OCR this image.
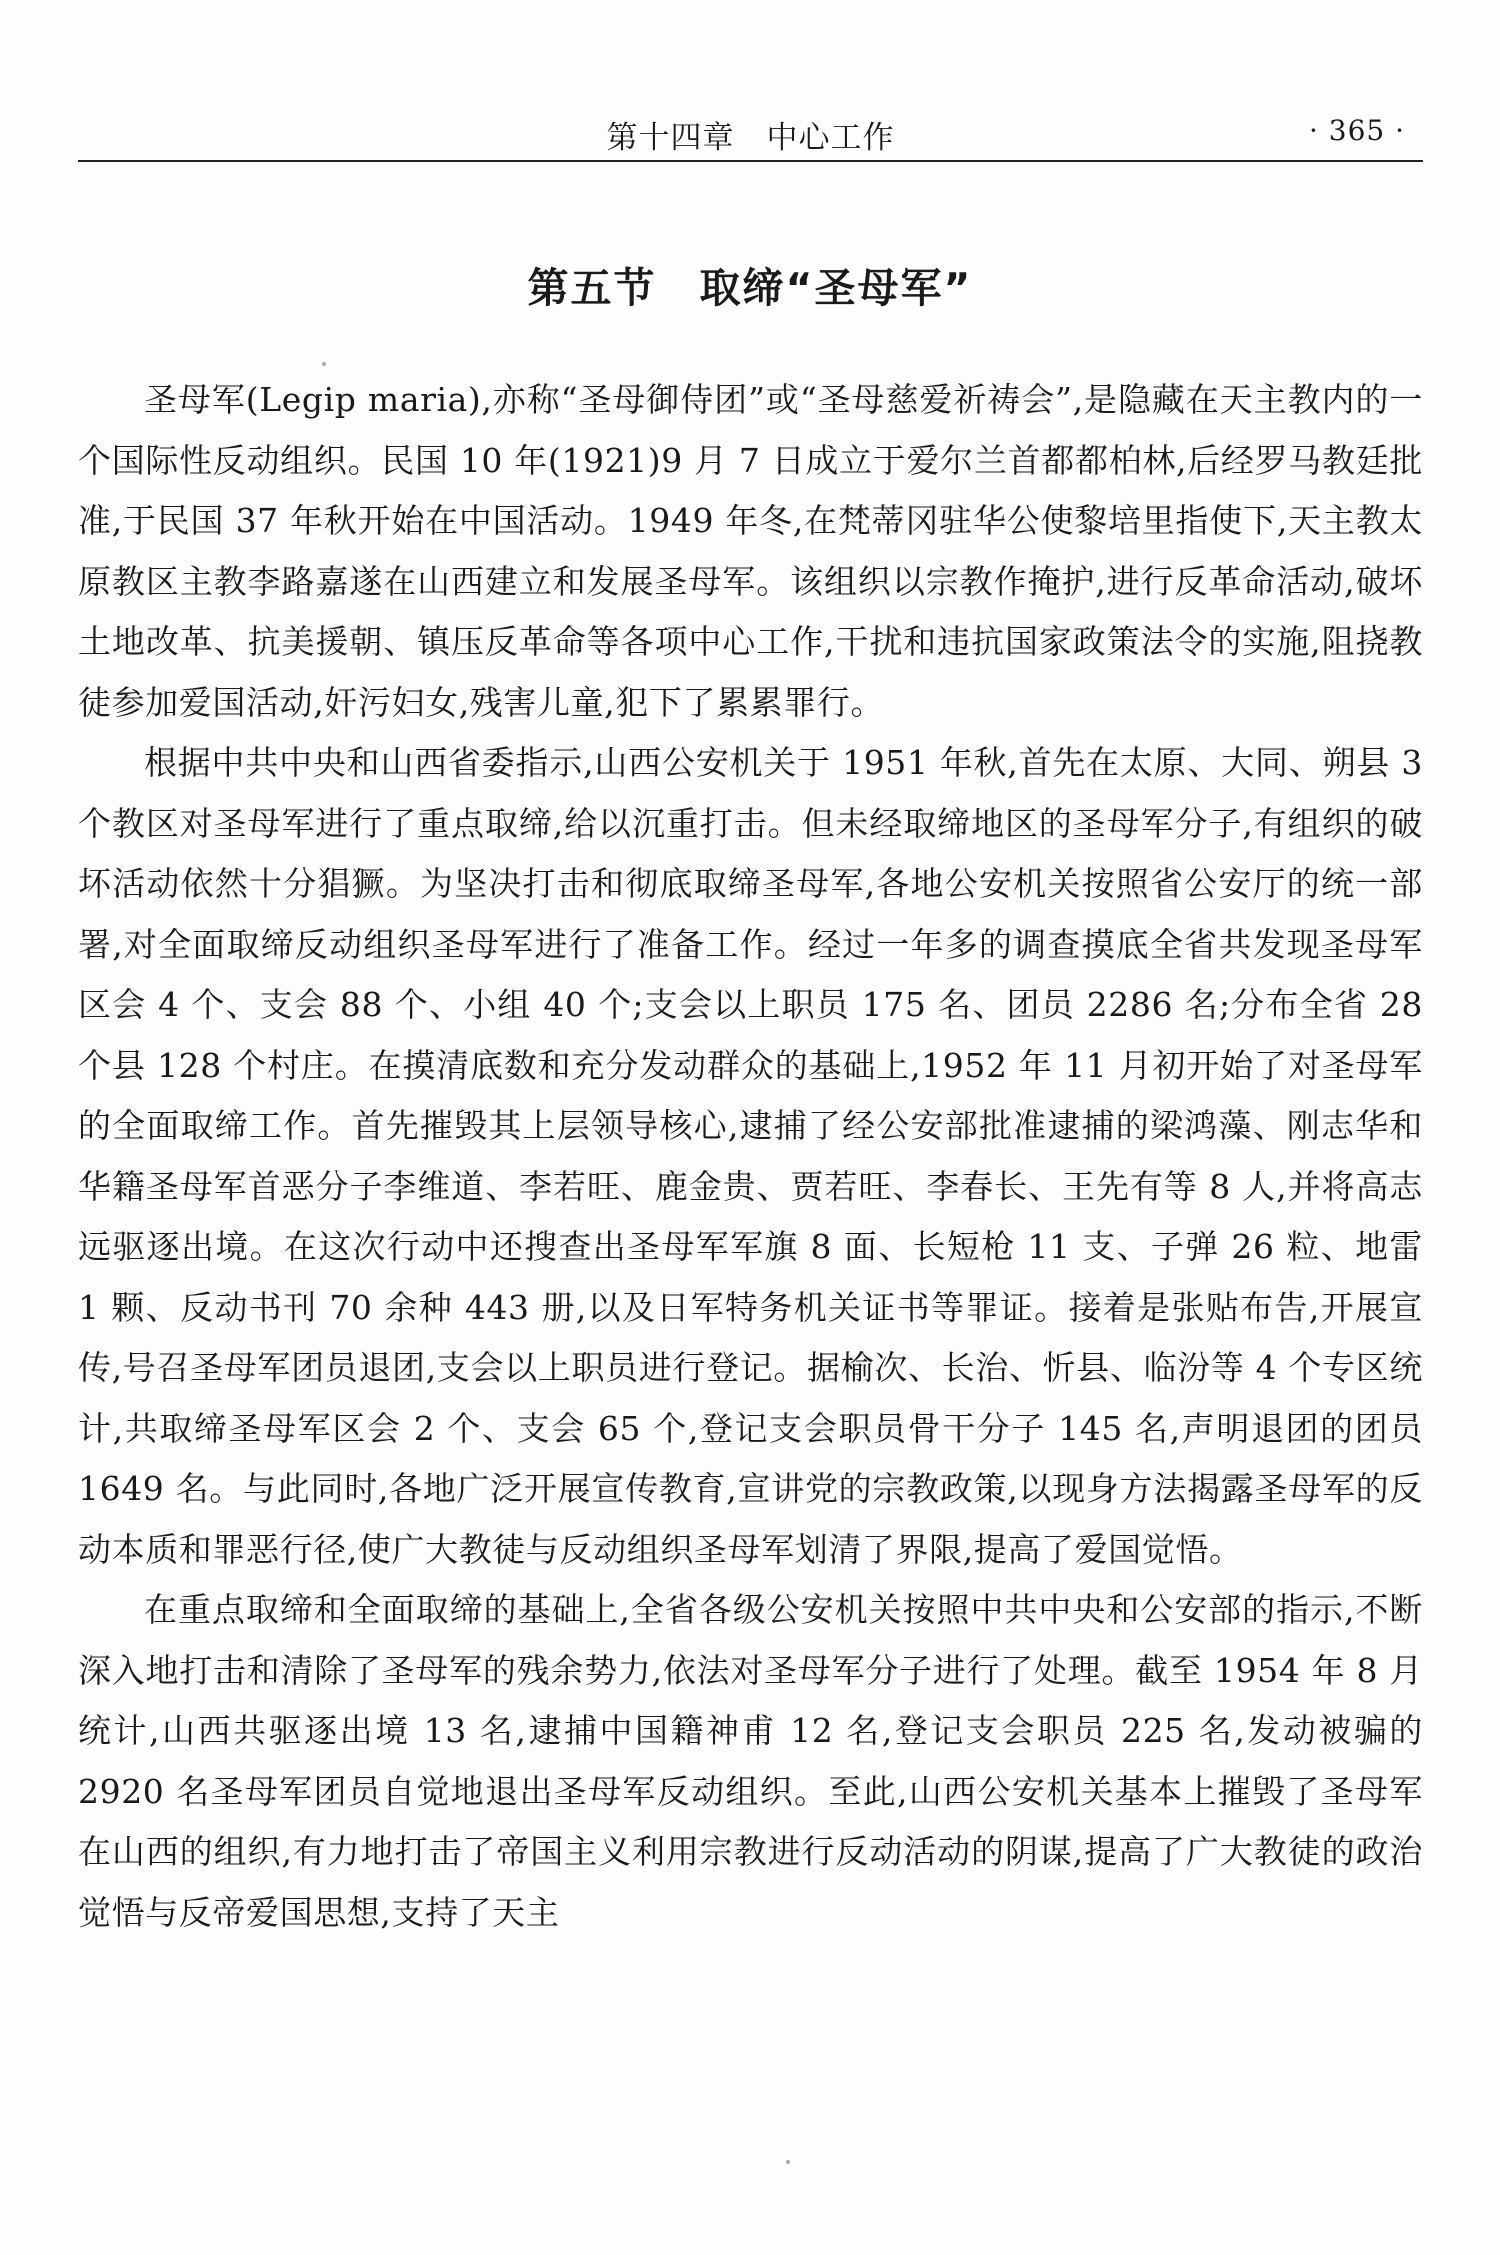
第十四章　中心工作	· 365 ·
第五节　取缔“圣母军”

圣母军(Legip maria),亦称“圣母御侍团”或“圣母慈爱祈祷会”,是隐藏在天主教内的一个国际性反动组织。民国 10 年(1921)9 月 7 日成立于爱尔兰首都都柏林,后经罗马教廷批准,于民国 37 年秋开始在中国活动。1949 年冬,在梵蒂冈驻华公使黎培里指使下,天主教太原教区主教李路嘉遂在山西建立和发展圣母军。该组织以宗教作掩护,进行反革命活动,破坏土地改革、抗美援朝、镇压反革命等各项中心工作,干扰和违抗国家政策法令的实施,阻挠教徒参加爱国活动,奸污妇女,残害儿童,犯下了累累罪行。

根据中共中央和山西省委指示,山西公安机关于 1951 年秋,首先在太原、大同、朔县 3 个教区对圣母军进行了重点取缔,给以沉重打击。但未经取缔地区的圣母军分子,有组织的破坏活动依然十分猖獗。为坚决打击和彻底取缔圣母军,各地公安机关按照省公安厅的统一部署,对全面取缔反动组织圣母军进行了准备工作。经过一年多的调查摸底全省共发现圣母军区会 4 个、支会 88 个、小组 40 个;支会以上职员 175 名、团员 2286 名;分布全省 28 个县 128 个村庄。在摸清底数和充分发动群众的基础上,1952 年 11 月初开始了对圣母军的全面取缔工作。首先摧毁其上层领导核心,逮捕了经公安部批准逮捕的梁鸿藻、刚志华和华籍圣母军首恶分子李维道、李若旺、鹿金贵、贾若旺、李春长、王先有等 8 人,并将高志远驱逐出境。在这次行动中还搜查出圣母军军旗 8 面、长短枪 11 支、子弹 26 粒、地雷 1 颗、反动书刊 70 余种 443 册,以及日军特务机关证书等罪证。接着是张贴布告,开展宣传,号召圣母军团员退团,支会以上职员进行登记。据榆次、长治、忻县、临汾等 4 个专区统计,共取缔圣母军区会 2 个、支会 65 个,登记支会职员骨干分子 145 名,声明退团的团员 1649 名。与此同时,各地广泛开展宣传教育,宣讲党的宗教政策,以现身方法揭露圣母军的反动本质和罪恶行径,使广大教徒与反动组织圣母军划清了界限,提高了爱国觉悟。

在重点取缔和全面取缔的基础上,全省各级公安机关按照中共中央和公安部的指示,不断深入地打击和清除了圣母军的残余势力,依法对圣母军分子进行了处理。截至 1954 年 8 月统计,山西共驱逐出境 13 名,逮捕中国籍神甫 12 名,登记支会职员 225 名,发动被骗的 2920 名圣母军团员自觉地退出圣母军反动组织。至此,山西公安机关基本上摧毁了圣母军在山西的组织,有力地打击了帝国主义利用宗教进行反动活动的阴谋,提高了广大教徒的政治觉悟与反帝爱国思想,支持了天主
